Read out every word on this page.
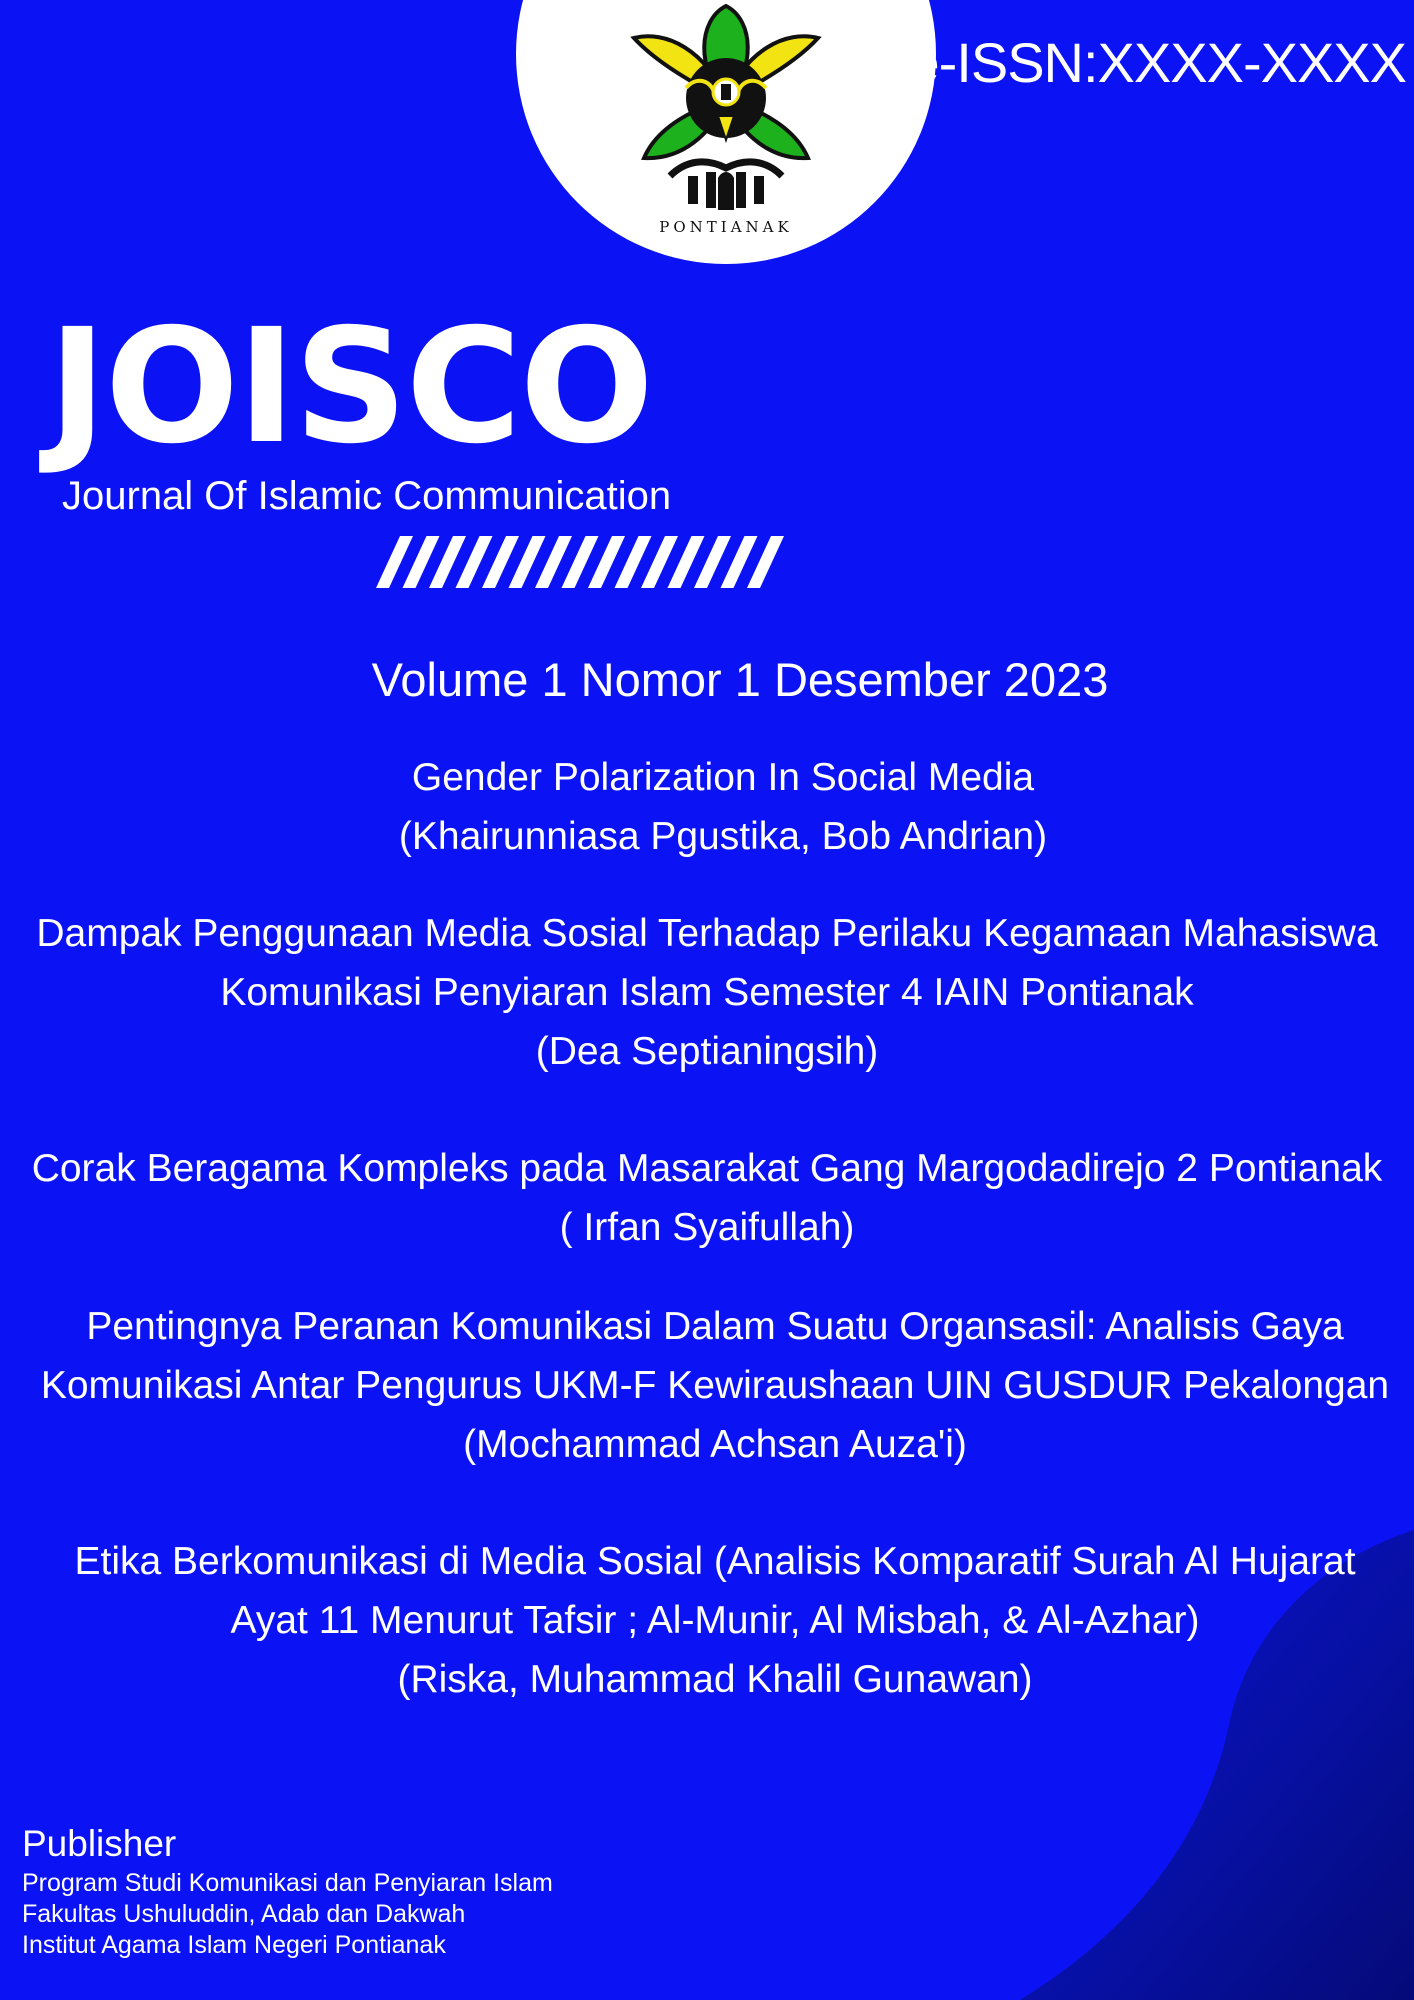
PONTIANAK
e-ISSN:XXXX-XXXX
JOISCO
Journal Of Islamic Communication
Volume 1 Nomor 1 Desember 2023
Gender Polarization In Social Media
(Khairunniasa Pgustika, Bob Andrian)
Dampak Penggunaan Media Sosial Terhadap Perilaku Kegamaan Mahasiswa
Komunikasi Penyiaran Islam Semester 4 IAIN Pontianak
(Dea Septianingsih)
Corak Beragama Kompleks pada Masarakat Gang Margodadirejo 2 Pontianak
( Irfan Syaifullah)
Pentingnya Peranan Komunikasi Dalam Suatu Organsasil: Analisis Gaya
Komunikasi Antar Pengurus UKM-F Kewiraushaan UIN GUSDUR Pekalongan
(Mochammad Achsan Auza'i)
Etika Berkomunikasi di Media Sosial (Analisis Komparatif Surah Al Hujarat
Ayat 11 Menurut Tafsir ; Al-Munir, Al Misbah, & Al-Azhar)
(Riska, Muhammad Khalil Gunawan)
Publisher
Program Studi Komunikasi dan Penyiaran Islam
Fakultas Ushuluddin, Adab dan Dakwah
Institut Agama Islam Negeri Pontianak
